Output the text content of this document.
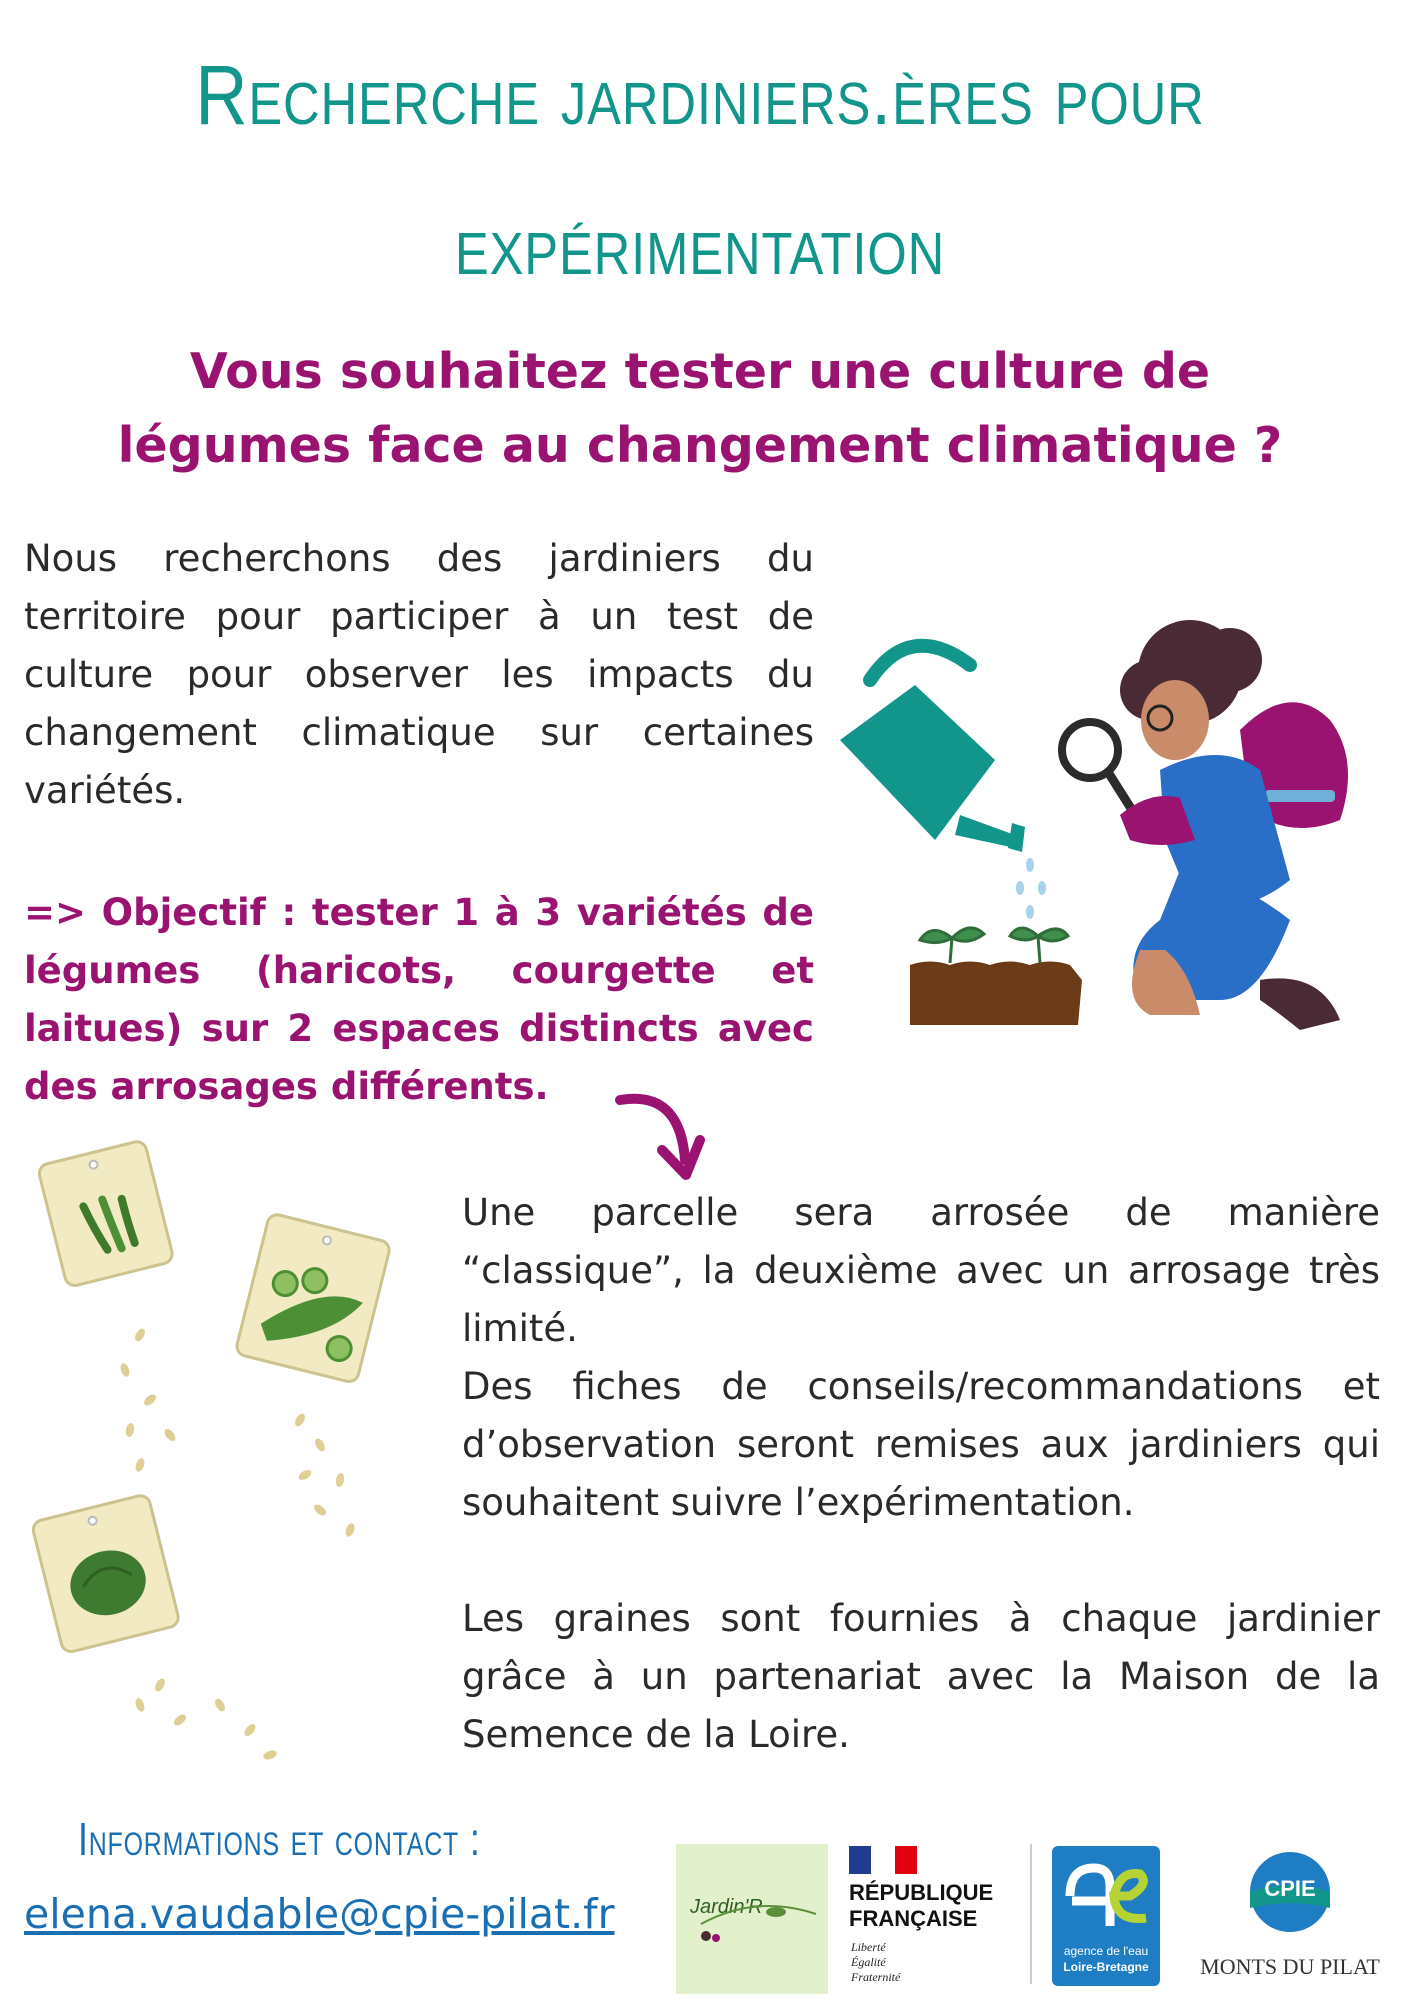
Recherche jardiniers.ères pour
expérimentation
Vous souhaitez tester une culture de
légumes face au changement climatique ?
Nous recherchons des jardiniers du territoire pour participer à un test de culture pour observer les impacts du changement climatique sur certaines variétés.
=> Objectif : tester 1 à 3 variétés de légumes (haricots, courgette et laitues) sur 2 espaces distincts avec des arrosages différents.
Une parcelle sera arrosée de manière “classique”, la deuxième avec un arrosage très limité.
Des fiches de conseils/recommandations et d’observation seront remises aux jardiniers qui souhaitent suivre l’expérimentation.
Les graines sont fournies à chaque jardinier grâce à un partenariat avec la Maison de la Semence de la Loire.
Informations et contact :
elena.vaudable@cpie-pilat.fr	Jardin'R
RÉPUBLIQUE
FRANÇAISE
Liberté
Égalité
Fraternité
agence de l'eau
Loire-Bretagne
CPIE
MONTS DU PILAT
